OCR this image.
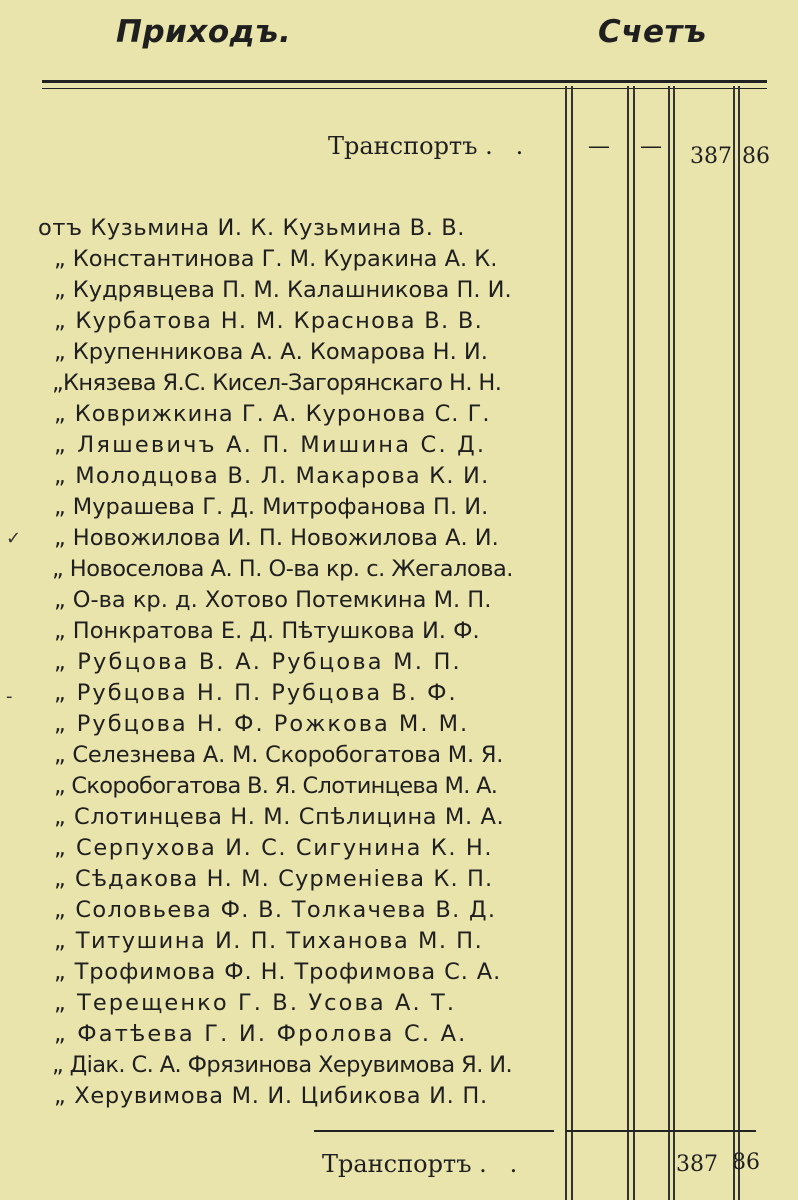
Приходъ.	Счетъ
Транспортъ .   .	— — 387 86
отъ Кузьмина И. К. Кузьмина В. В.
„ Константинова Г. М. Куракина А. К.
„ Кудрявцева П. М. Калашникова П. И.
„ Курбатова Н. М. Краснова В. В.
„ Крупенникова А. А. Комарова Н. И.
„Князева Я.С. Кисел-Загорянскаго Н. Н.
„ Коврижкина Г. А. Куронова С. Г.
„ Ляшевичъ А. П. Мишина С. Д.
„ Молодцова В. Л. Макарова К. И.
„ Мурашева Г. Д. Митрофанова П. И.
„ Новожилова И. П. Новожилова А. И.
„ Новоселова А. П. О-ва кр. с. Жегалова.
„ О-ва кр. д. Хотово Потемкина М. П.
„ Понкратова Е. Д. Пѣтушкова И. Ф.
„ Рубцова В. А. Рубцова М. П.
„ Рубцова Н. П. Рубцова В. Ф.
„ Рубцова Н. Ф. Рожкова М. М.
„ Селезнева А. М. Скоробогатова М. Я.
„ Скоробогатова В. Я. Слотинцева М. А.
„ Слотинцева Н. М. Спѣлицина М. А.
„ Серпухова И. С. Сигунина К. Н.
„ Сѣдакова Н. М. Сурменіева К. П.
„ Соловьева Ф. В. Толкачева В. Д.
„ Титушина И. П. Тиханова М. П.
„ Трофимова Ф. Н. Трофимова С. А.
„ Терещенко Г. В. Усова А. Т.
„ Фатѣева Г. И. Фролова С. А.
„ Діак. С. А. Фрязинова Херувимова Я. И.
„ Херувимова М. И. Цибикова И. П.
✓
‑
Транспортъ .   .	387 86
